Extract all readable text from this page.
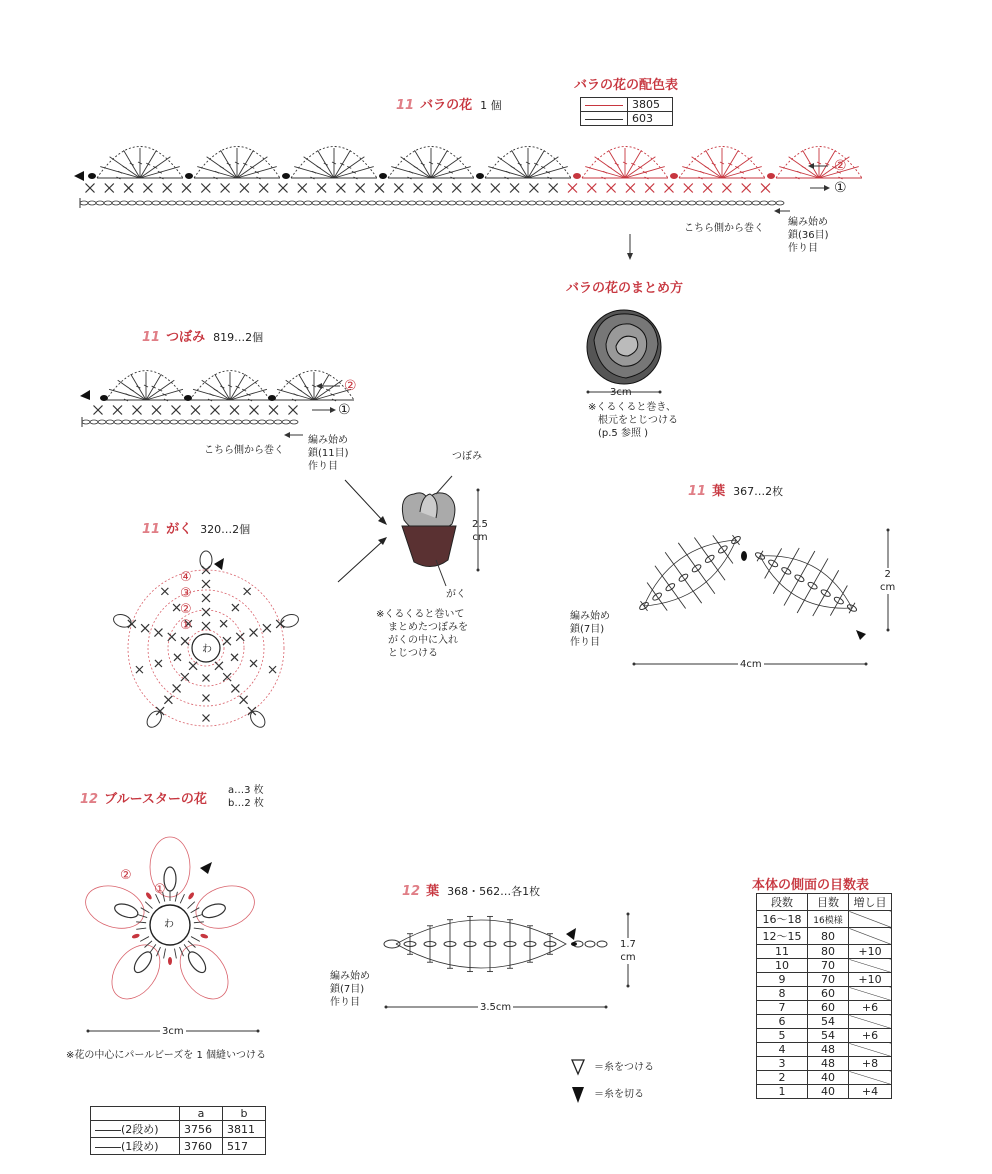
11 バラの花 1 個
バラの花の配色表
	3805

	603
②
①
こちら側から巻く
編み始め
鎖(36目)
作り目
バラの花のまとめ方
3cm
※くるくると巻き、
根元をとじつける
(p.5 参照 )
11 つぼみ 819…2個
②
①
こちら側から巻く
編み始め
鎖(11目)
作り目
つぼみ
がく
2.5
cm
※くるくると巻いて
まとめたつぼみを
がくの中に入れ
とじつける
11 がく 320…2個
④
③
②
①
わ
11 葉 367…2枚
編み始め
鎖(7目)
作り目
2
cm
4cm
12 ブルースターの花
a…3 枚
b…2 枚
②
①
わ
3cm
※花の中心にパールビーズを 1 個縫いつける
	a	b
(2段め)	3756	3811
(1段め)	3760	517
12 葉 368・562…各1枚
編み始め
鎖(7目)
作り目
1.7
cm
3.5cm
＝糸をつける
＝糸を切る
本体の側面の目数表
段数	目数	増し目
16〜18	16模様	
12〜15	80	
11	80	+10
10	70	
9	70	+10
8	60	
7	60	+6
6	54	
5	54	+6
4	48	
3	48	+8
2	40	
1	40	+4
